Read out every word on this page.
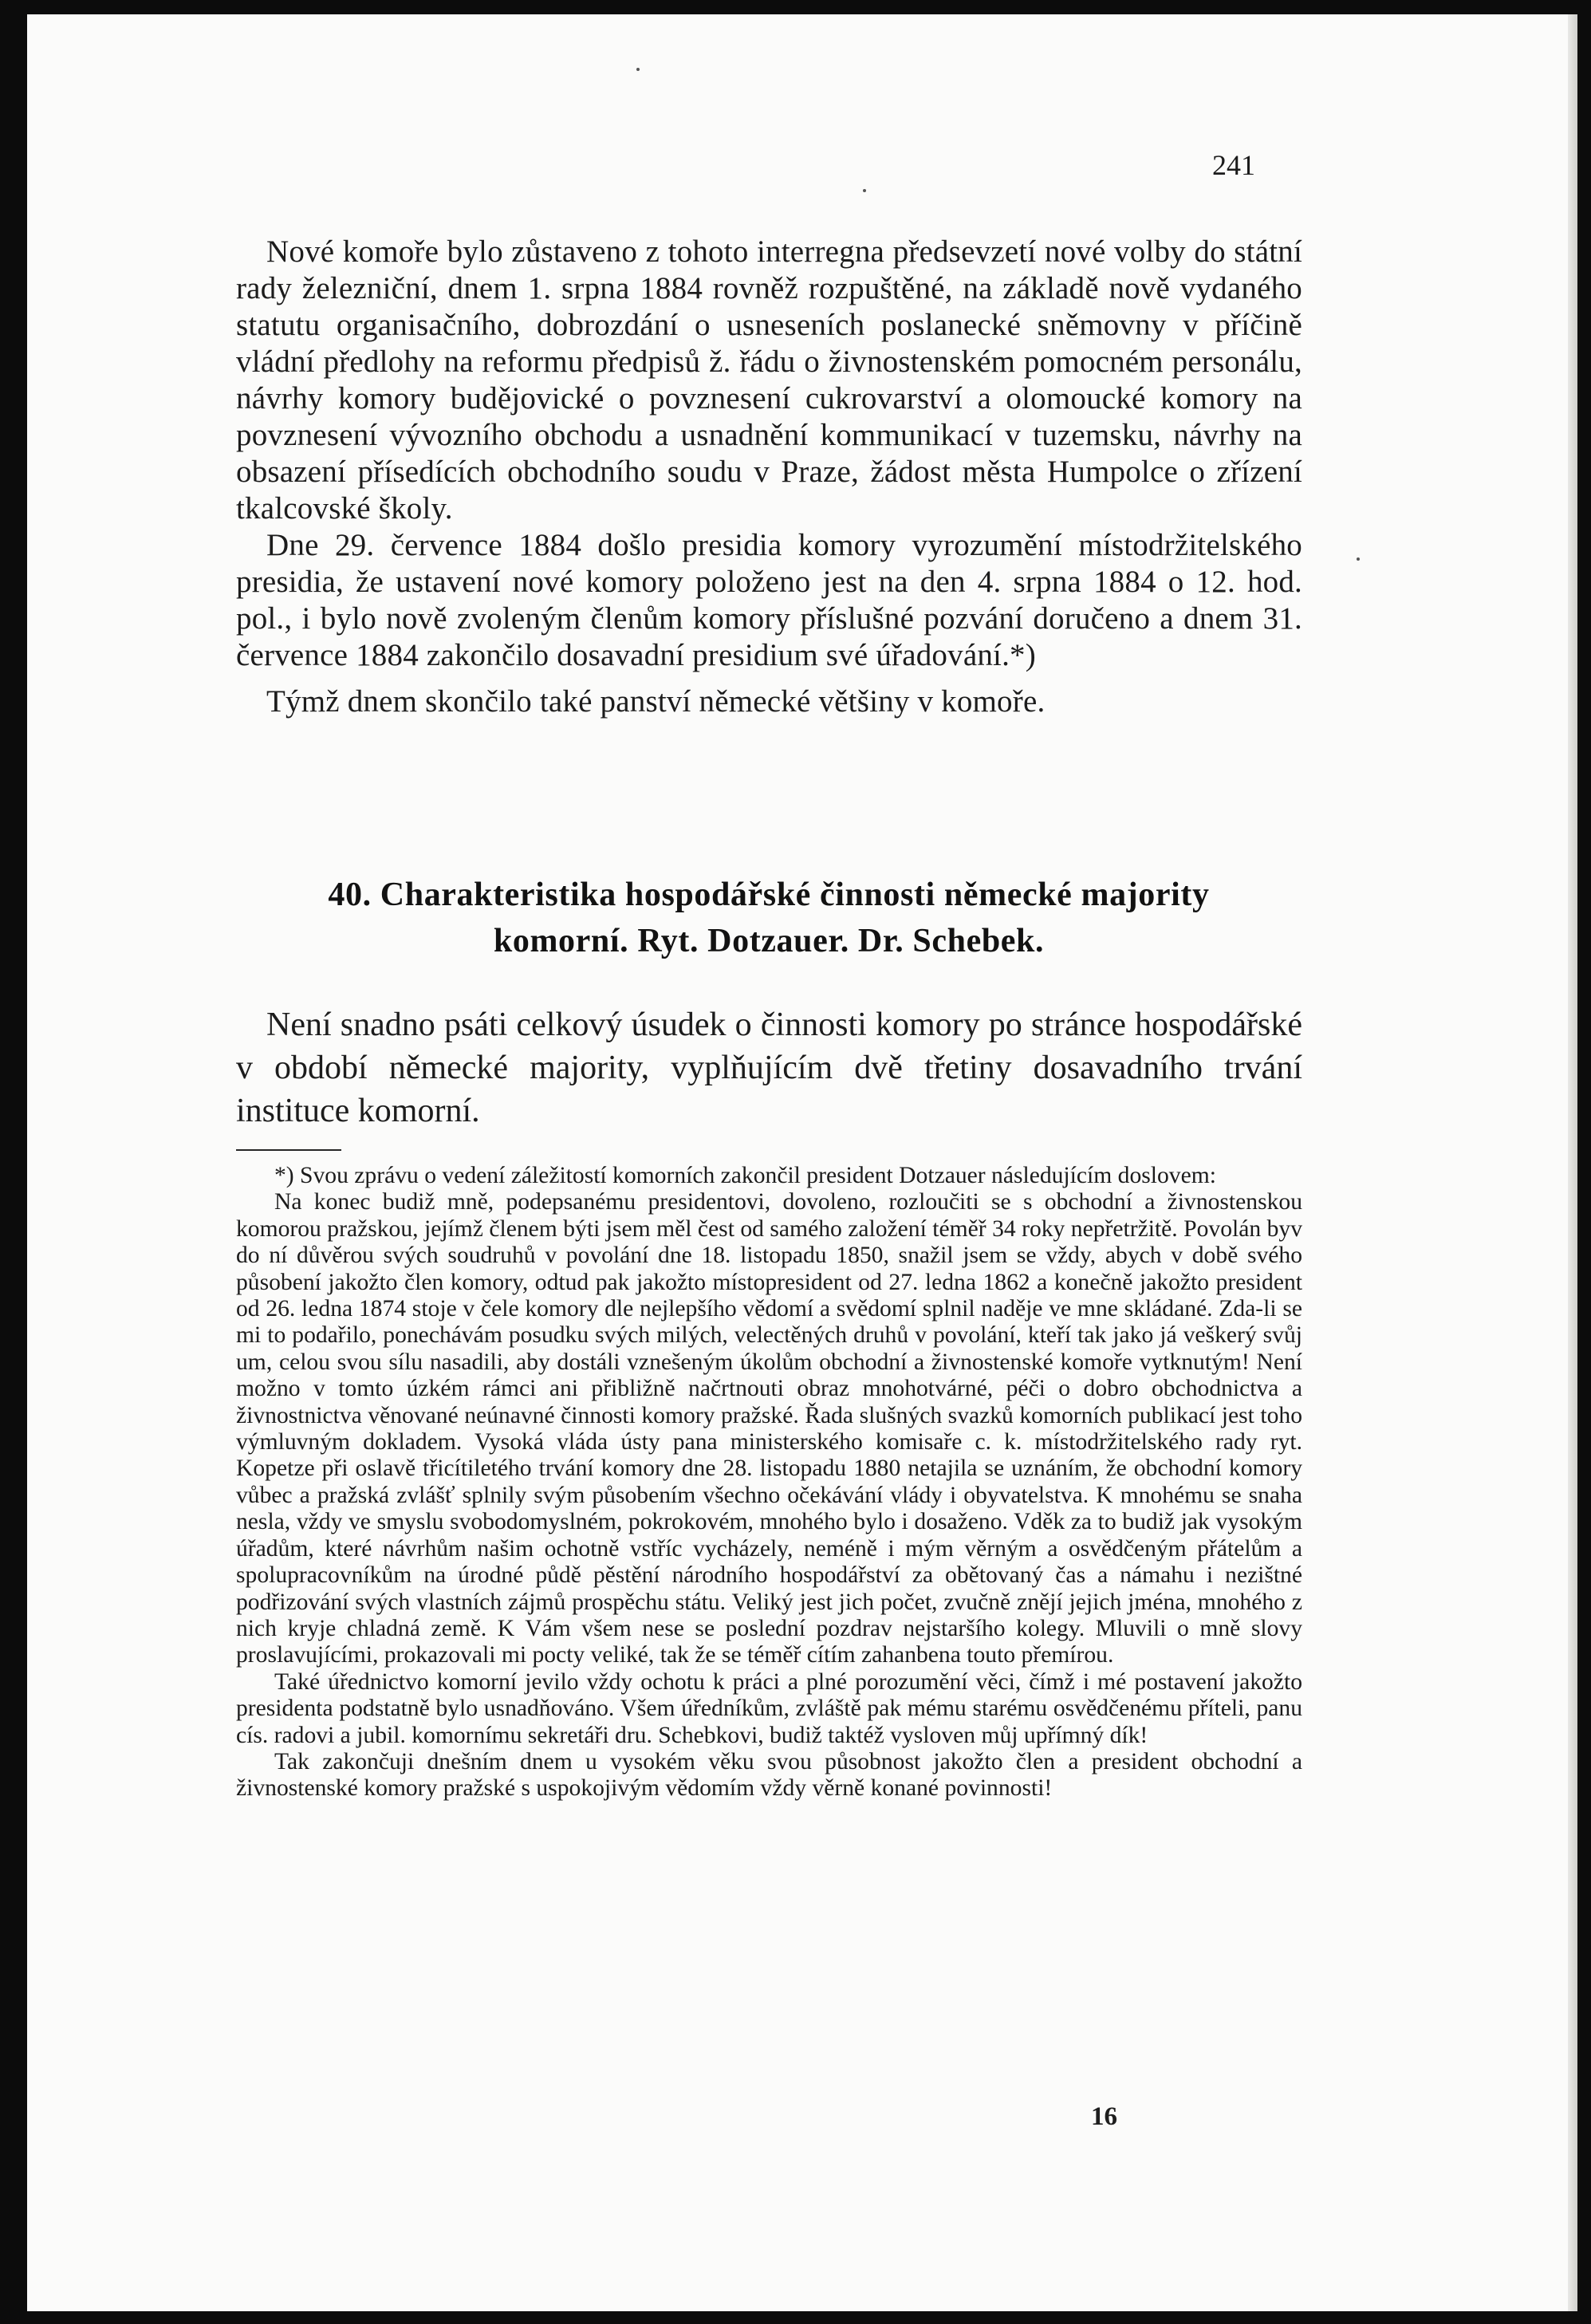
241

Nové komoře bylo zůstaveno z tohoto interregna předsevzetí nové volby do státní rady železniční, dnem 1. srpna 1884 rovněž rozpuštěné, na základě nově vydaného statutu organisačního, dobrozdání o usneseních poslanecké sněmovny v příčině vládní předlohy na reformu předpisů ž. řádu o živnostenském pomocném personálu, návrhy komory budějovické o povznesení cukrovarství a olomoucké komory na povznesení vývozního obchodu a usnadnění kommunikací v tuzemsku, návrhy na obsazení přísedících obchodního soudu v Praze, žádost města Humpolce o zřízení tkalcovské školy.

Dne 29. července 1884 došlo presidia komory vyrozumění místodržitelského presidia, že ustavení nové komory položeno jest na den 4. srpna 1884 o 12. hod. pol., i bylo nově zvoleným členům komory příslušné pozvání doručeno a dnem 31. července 1884 zakončilo dosavadní presidium své úřadování.*)

Týmž dnem skončilo také panství německé většiny v komoře.

40. Charakteristika hospodářské činnosti německé majority
komorní. Ryt. Dotzauer. Dr. Schebek.

Není snadno psáti celkový úsudek o činnosti komory po stránce hospodářské v období německé majority, vyplňujícím dvě třetiny dosavadního trvání instituce komorní.

*) Svou zprávu o vedení záležitostí komorních zakončil president Dotzauer následujícím doslovem:

Na konec budiž mně, podepsanému presidentovi, dovoleno, rozloučiti se s obchodní a živnostenskou komorou pražskou, jejímž členem býti jsem měl čest od samého založení téměř 34 roky nepřetržitě. Povolán byv do ní důvěrou svých soudruhů v povolání dne 18. listopadu 1850, snažil jsem se vždy, abych v době svého působení jakožto člen komory, odtud pak jakožto místopresident od 27. ledna 1862 a konečně jakožto president od 26. ledna 1874 stoje v čele komory dle nejlepšího vědomí a svědomí splnil naděje ve mne skládané. Zda-li se mi to podařilo, ponechávám posudku svých milých, velectěných druhů v povolání, kteří tak jako já veškerý svůj um, celou svou sílu nasadili, aby dostáli vznešeným úkolům obchodní a živnostenské komoře vytknutým! Není možno v tomto úzkém rámci ani přibližně načrtnouti obraz mnohotvárné, péči o dobro obchodnictva a živnostnictva věnované neúnavné činnosti komory pražské. Řada slušných svazků komorních publikací jest toho výmluvným dokladem. Vysoká vláda ústy pana ministerského komisaře c. k. místodržitelského rady ryt. Kopetze při oslavě třicítiletého trvání komory dne 28. listopadu 1880 netajila se uznáním, že obchodní komory vůbec a pražská zvlášť splnily svým působením všechno očekávání vlády i obyvatelstva. K mnohému se snaha nesla, vždy ve smyslu svobodomyslném, pokrokovém, mnohého bylo i dosaženo. Vděk za to budiž jak vysokým úřadům, které návrhům našim ochotně vstříc vycházely, neméně i mým věrným a osvědčeným přátelům a spolupracovníkům na úrodné půdě pěstění národního hospodářství za obětovaný čas a námahu i nezištné podřizování svých vlastních zájmů prospěchu státu. Veliký jest jich počet, zvučně znějí jejich jména, mnohého z nich kryje chladná země. K Vám všem nese se poslední pozdrav nejstaršího kolegy. Mluvili o mně slovy proslavujícími, prokazovali mi pocty veliké, tak že se téměř cítím zahanbena touto přemírou.

Také úřednictvo komorní jevilo vždy ochotu k práci a plné porozumění věci, čímž i mé postavení jakožto presidenta podstatně bylo usnadňováno. Všem úředníkům, zvláště pak mému starému osvědčenému příteli, panu cís. radovi a jubil. komornímu sekretáři dru. Schebkovi, budiž taktéž vysloven můj upřímný dík!

Tak zakončuji dnešním dnem u vysokém věku svou působnost jakožto člen a president obchodní a živnostenské komory pražské s uspokojivým vědomím vždy věrně konané povinnosti!

16
